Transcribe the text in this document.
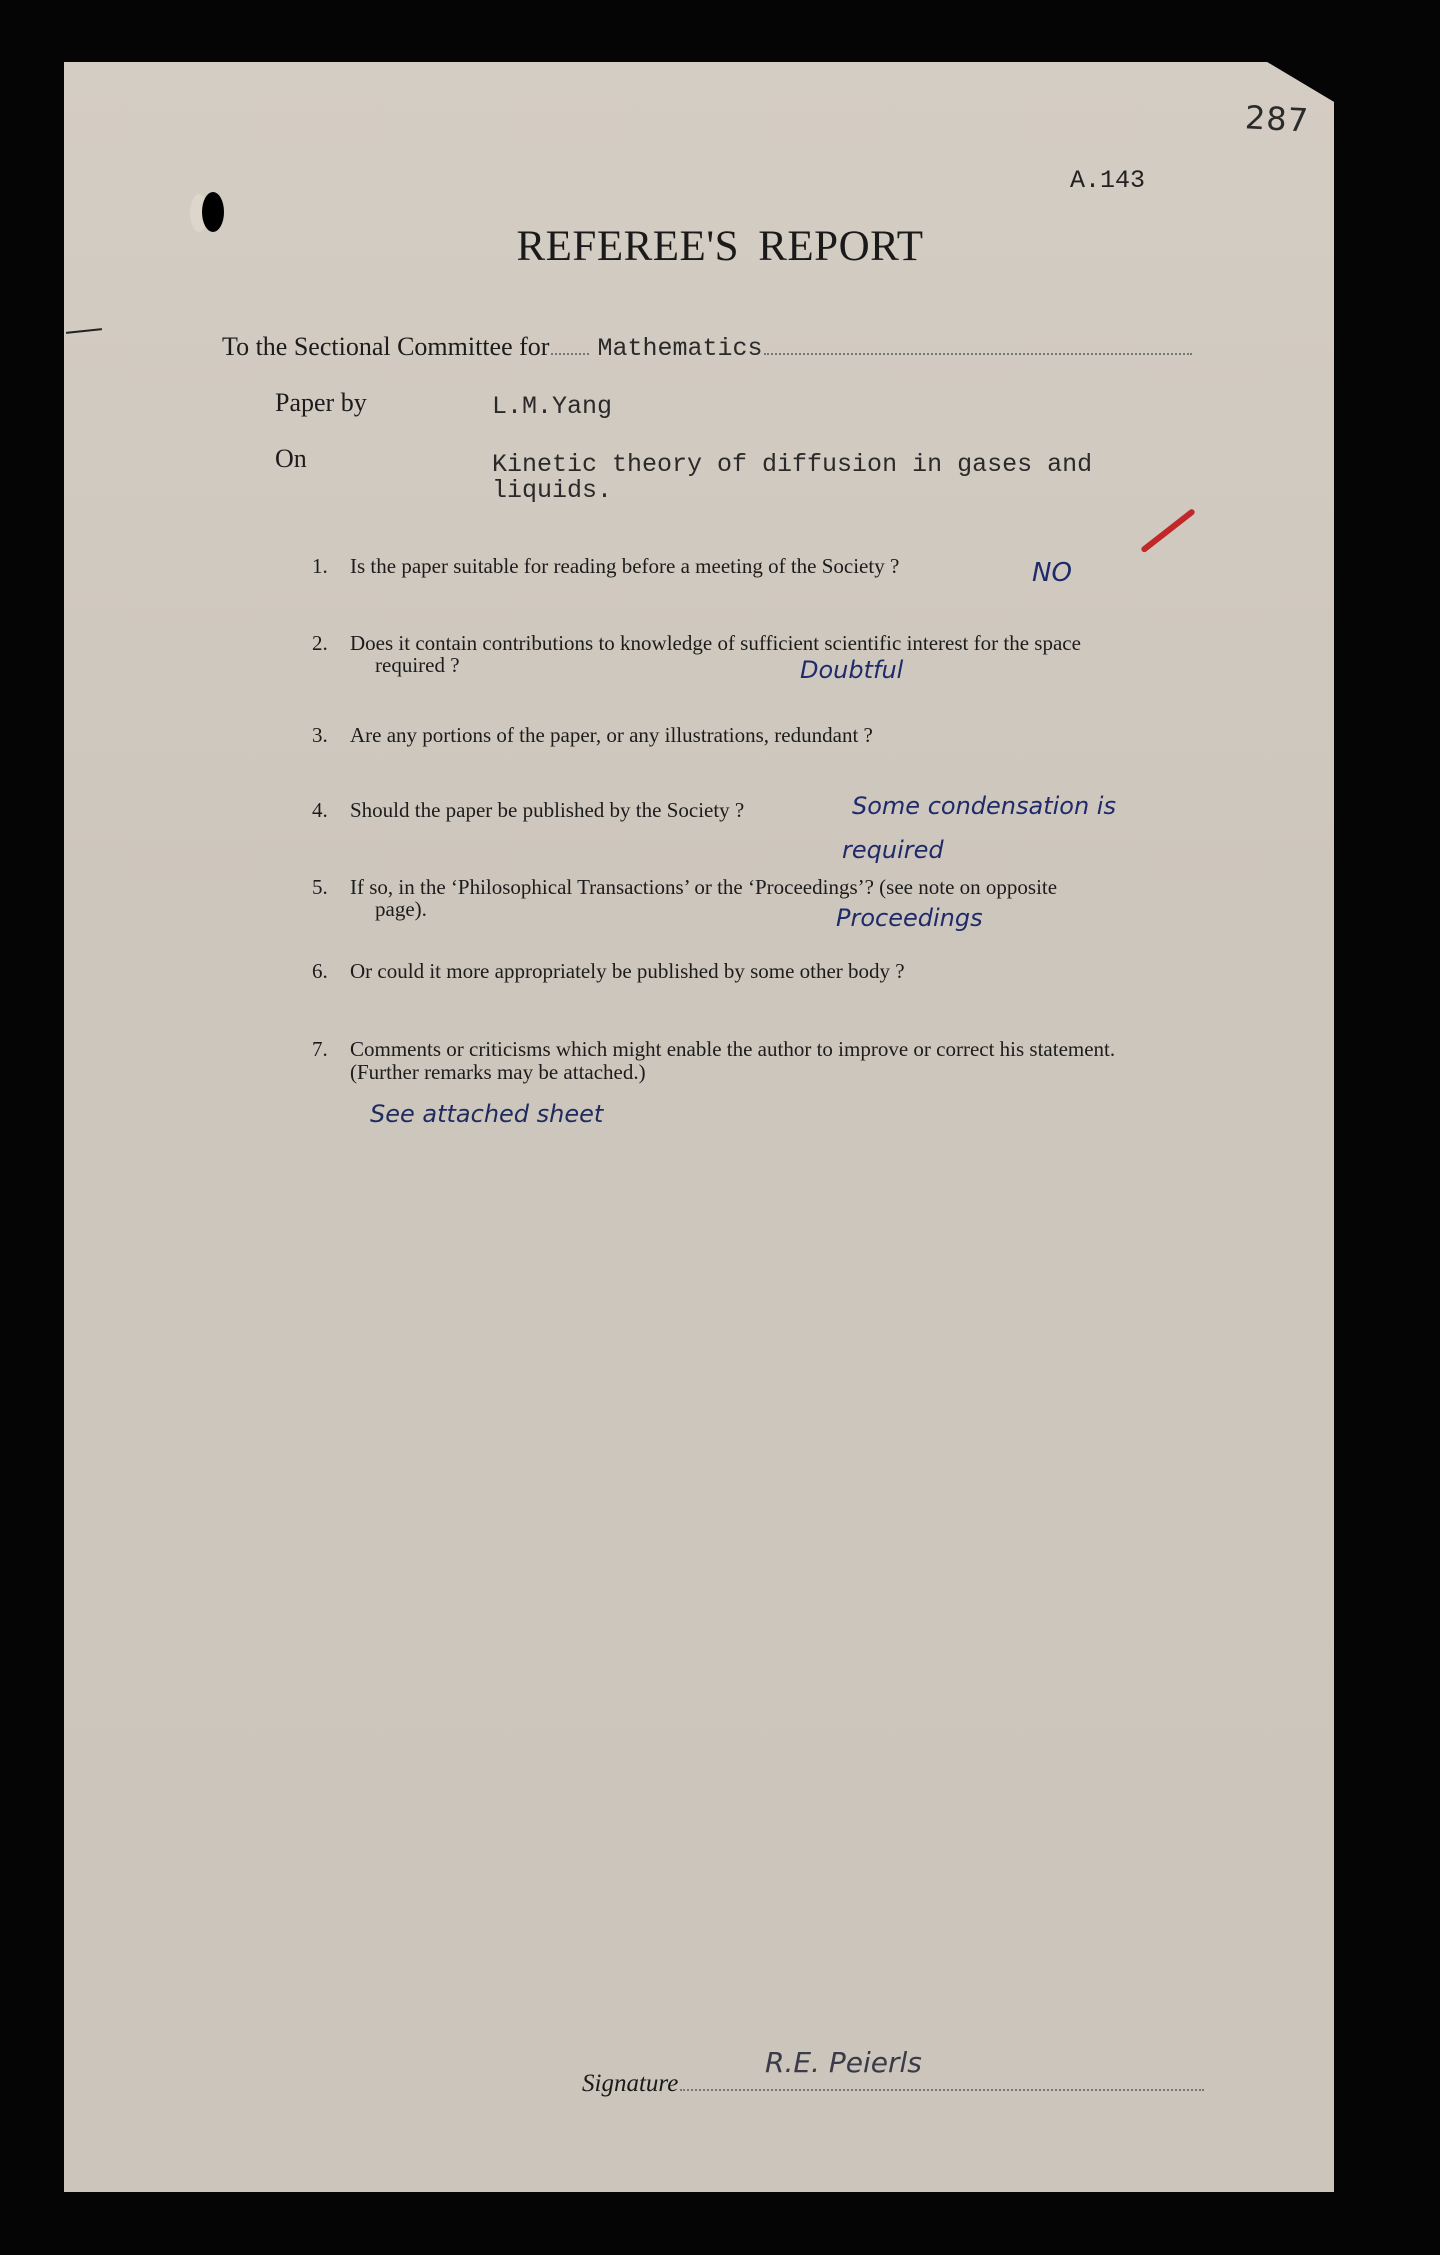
287
A.143
REFEREE'S REPORT
To the Sectional Committee for Mathematics
Paper by	L.M.Yang
On	Kinetic theory of diffusion in gases and
liquids.
1. Is the paper suitable for reading before a meeting of the Society ?	NO
2. Does it contain contributions to knowledge of sufficient scientific interest for the space
required ?	Doubtful
3. Are any portions of the paper, or any illustrations, redundant ?
4. Should the paper be published by the Society ?	Some condensation is
required
5. If so, in the ‘Philosophical Transactions’ or the ‘Proceedings’? (see note on opposite
page).	Proceedings
6. Or could it more appropriately be published by some other body ?
7. Comments or criticisms which might enable the author to improve or correct his statement.
(Further remarks may be attached.)
See attached sheet
Signature
R.E. Peierls
